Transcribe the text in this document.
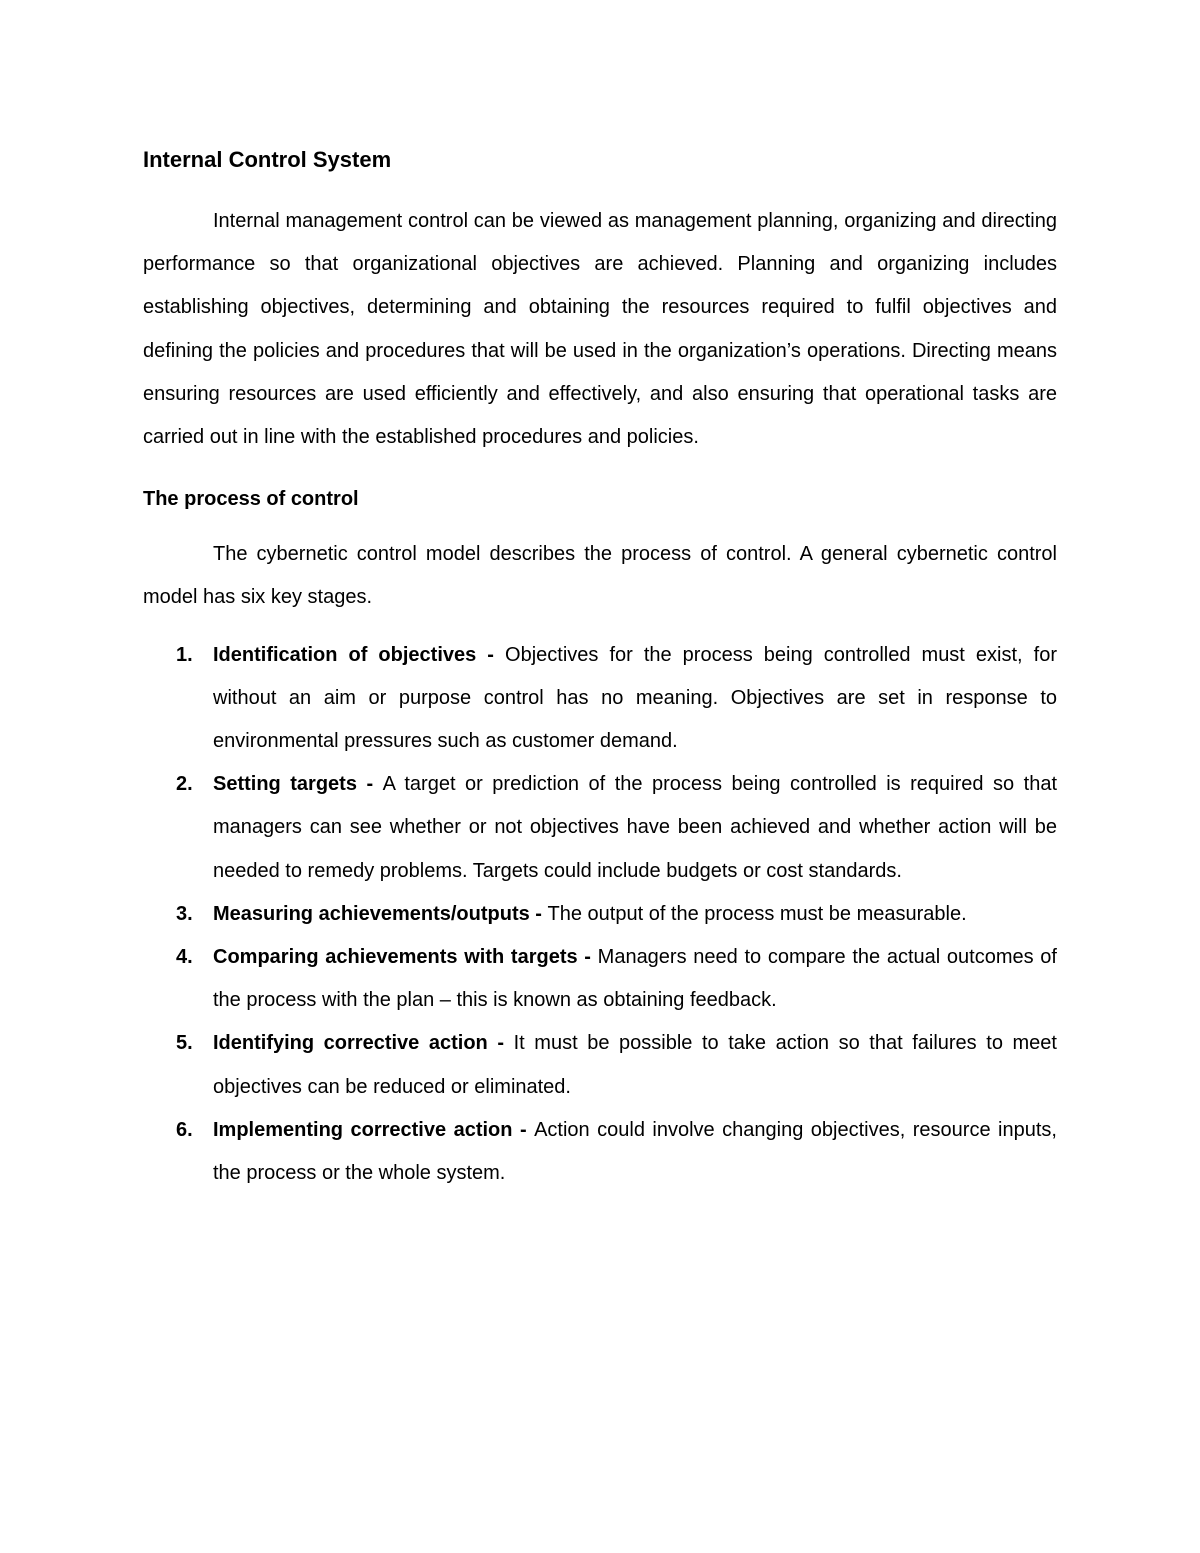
Internal Control System

Internal management control can be viewed as management planning, organizing and directing performance so that organizational objectives are achieved. Planning and organizing includes establishing objectives, determining and obtaining the resources required to fulfil objectives and defining the policies and procedures that will be used in the organization’s operations. Directing means ensuring resources are used efficiently and effectively, and also ensuring that operational tasks are carried out in line with the established procedures and policies.

The process of control

The cybernetic control model describes the process of control. A general cybernetic control model has six key stages.

1. Identification of objectives - Objectives for the process being controlled must exist, for without an aim or purpose control has no meaning. Objectives are set in response to environmental pressures such as customer demand.
2. Setting targets - A target or prediction of the process being controlled is required so that managers can see whether or not objectives have been achieved and whether action will be needed to remedy problems. Targets could include budgets or cost standards.
3. Measuring achievements/outputs - The output of the process must be measurable.
4. Comparing achievements with targets - Managers need to compare the actual outcomes of the process with the plan – this is known as obtaining feedback.
5. Identifying corrective action - It must be possible to take action so that failures to meet objectives can be reduced or eliminated.
6. Implementing corrective action - Action could involve changing objectives, resource inputs, the process or the whole system.
